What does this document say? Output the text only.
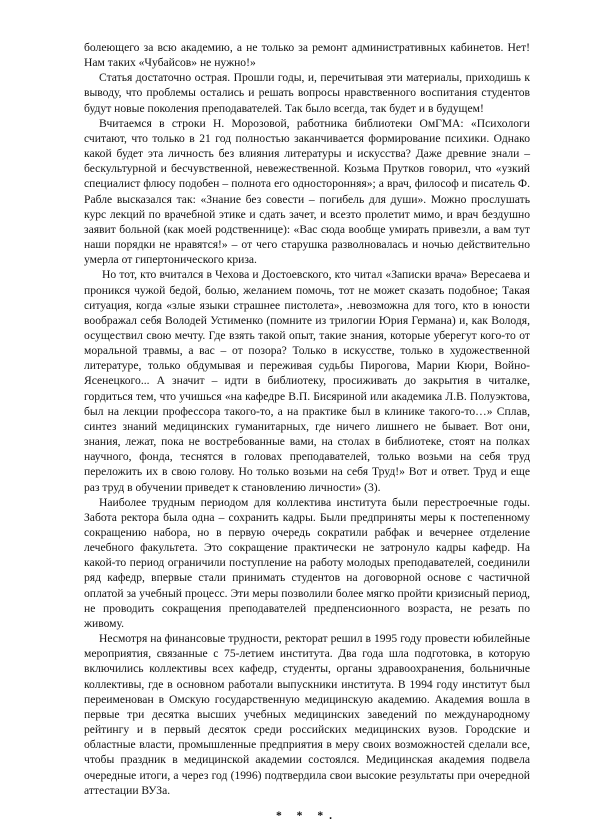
болеющего за всю академию, а не только за ремонт административных кабинетов. Нет! Нам таких «Чубайсов» не нужно!»

Статья достаточно острая. Прошли годы, и, перечитывая эти материалы, приходишь к выводу, что проблемы остались и решать вопросы нравственного воспитания студентов будут новые поколения преподавателей. Так было всегда, так будет и в будущем!

Вчитаемся в строки Н. Морозовой, работника библиотеки ОмГМА: «Психологи считают, что только в 21 год полностью заканчивается формирование психики. Однако какой будет эта личность без влияния литературы и искусства? Даже древние знали – бескультурной и бесчувственной, невежественной. Козьма Прутков говорил, что «узкий специалист флюсу подобен – полнота его односторонняя»; а врач, философ и писатель Ф. Рабле высказался так: «Знание без совести – погибель для души». Можно прослушать курс лекций по врачебной этике и сдать зачет, и всезто пролетит мимо, и врач бездушно заявит больной (как моей родственнице): «Вас сюда вообще умирать привезли, а вам тут наши порядки не нравятся!» – от чего старушка разволновалась и ночью действительно умерла от гипертонического криза.

Но тот, кто вчитался в Чехова и Достоевского, кто читал «Записки врача» Вересаева и проникся чужой бедой, болью, желанием помочь, тот не может сказать подобное; Такая ситуация, когда «злые языки страшнее пистолета», .невозможна для того, кто в юности воображал себя Володей Устименко (помните из трилогии Юрия Германа) и, как Володя, осуществил свою мечту. Где взять такой опыт, такие знания, которые уберегут кого-то от моральной травмы, а вас – от позора? Только в искусстве, только в художественной литературе, только обдумывая и переживая судьбы Пирогова, Марии Кюри, Войно-Ясенецкого... А значит – идти в библиотеку, просиживать до закрытия в читалке, гордиться тем, что учишься «на кафедре В.П. Бисяриной или академика Л.В. Полуэктова, был на лекции профессора такого-то, а на практике был в клинике такого-то…» Сплав, синтез знаний медицинских гуманитарных, где ничего лишнего не бывает. Вот они, знания, лежат, пока не востребованные вами, на столах в библиотеке, стоят на полках научного, фонда, теснятся в головах преподавателей, только возьми на себя труд переложить их в свою голову. Но только возьми на себя Труд!» Вот и ответ. Труд и еще раз труд в обучении приведет к становлению личности» (3).

Наиболее трудным периодом для коллектива института были перестроечные годы. Забота ректора была одна – сохранить кадры. Были предприняты меры к постепенному сокращению набора, но в первую очередь сократили рабфак и вечернее отделение лечебного факультета. Это сокращение практически не затронуло кадры кафедр. На какой-то период ограничили поступление на работу молодых преподавателей, соединили ряд кафедр, впервые стали принимать студентов на договорной основе с частичной оплатой за учебный процесс. Эти меры позволили более мягко пройти кризисный период, не проводить сокращения преподавателей предпенсионного возраста, не резать по живому.

Несмотря на финансовые трудности, ректорат решил в 1995 году провести юбилейные мероприятия, связанные с 75-летием института. Два года шла подготовка, в которую включились коллективы всех кафедр, студенты, органы здравоохранения, больничные коллективы, где в основном работали выпускники института. В 1994 году институт был переименован в Омскую государственную медицинскую академию. Академия вошла в первые три десятка высших учебных медицинских заведений по международному рейтингу и в первый десяток среди российских медицинских вузов. Городские и областные власти, промышленные предприятия в меру своих возможностей сделали все, чтобы праздник в медицинской академии состоялся. Медицинская академия подвела очередные итоги, а через год (1996) подтвердила свои высокие результаты при очередной аттестации ВУЗа.

* * *.
